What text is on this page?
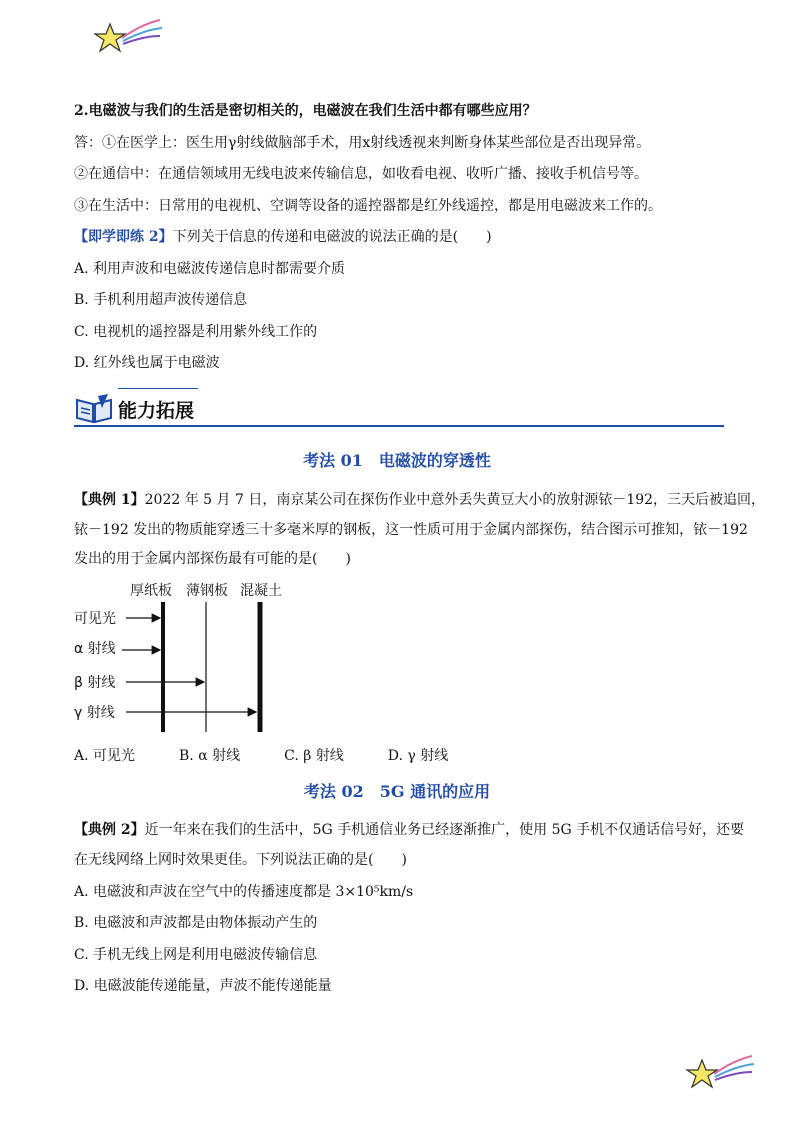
2.电磁波与我们的生活是密切相关的，电磁波在我们生活中都有哪些应用？
答：①在医学上：医生用γ射线做脑部手术，用x射线透视来判断身体某些部位是否出现异常。
②在通信中：在通信领域用无线电波来传输信息，如收看电视、收听广播、接收手机信号等。
③在生活中：日常用的电视机、空调等设备的遥控器都是红外线遥控，都是用电磁波来工作的。
【即学即练 2】下列关于信息的传递和电磁波的说法正确的是(　　)
A. 利用声波和电磁波传递信息时都需要介质
B. 手机利用超声波传递信息
C. 电视机的遥控器是利用紫外线工作的
D. 红外线也属于电磁波
能力拓展
考法 01　电磁波的穿透性
【典例 1】2022 年 5 月 7 日，南京某公司在探伤作业中意外丢失黄豆大小的放射源铱－192，三天后被追回，
铱－192 发出的物质能穿透三十多毫米厚的钢板，这一性质可用于金属内部探伤，结合图示可推知，铱－192
发出的用于金属内部探伤最有可能的是(　　)
厚纸板 薄钢板 混凝土
可见光
α 射线
β 射线
γ 射线
A. 可见光	B. α 射线	C. β 射线	D. γ 射线
考法 02　5G 通讯的应用
【典例 2】近一年来在我们的生活中，5G 手机通信业务已经逐渐推广，使用 5G 手机不仅通话信号好，还要
在无线网络上网时效果更佳。下列说法正确的是(　　)
A. 电磁波和声波在空气中的传播速度都是 3×10⁵km/s
B. 电磁波和声波都是由物体振动产生的
C. 手机无线上网是利用电磁波传输信息
D. 电磁波能传递能量，声波不能传递能量
